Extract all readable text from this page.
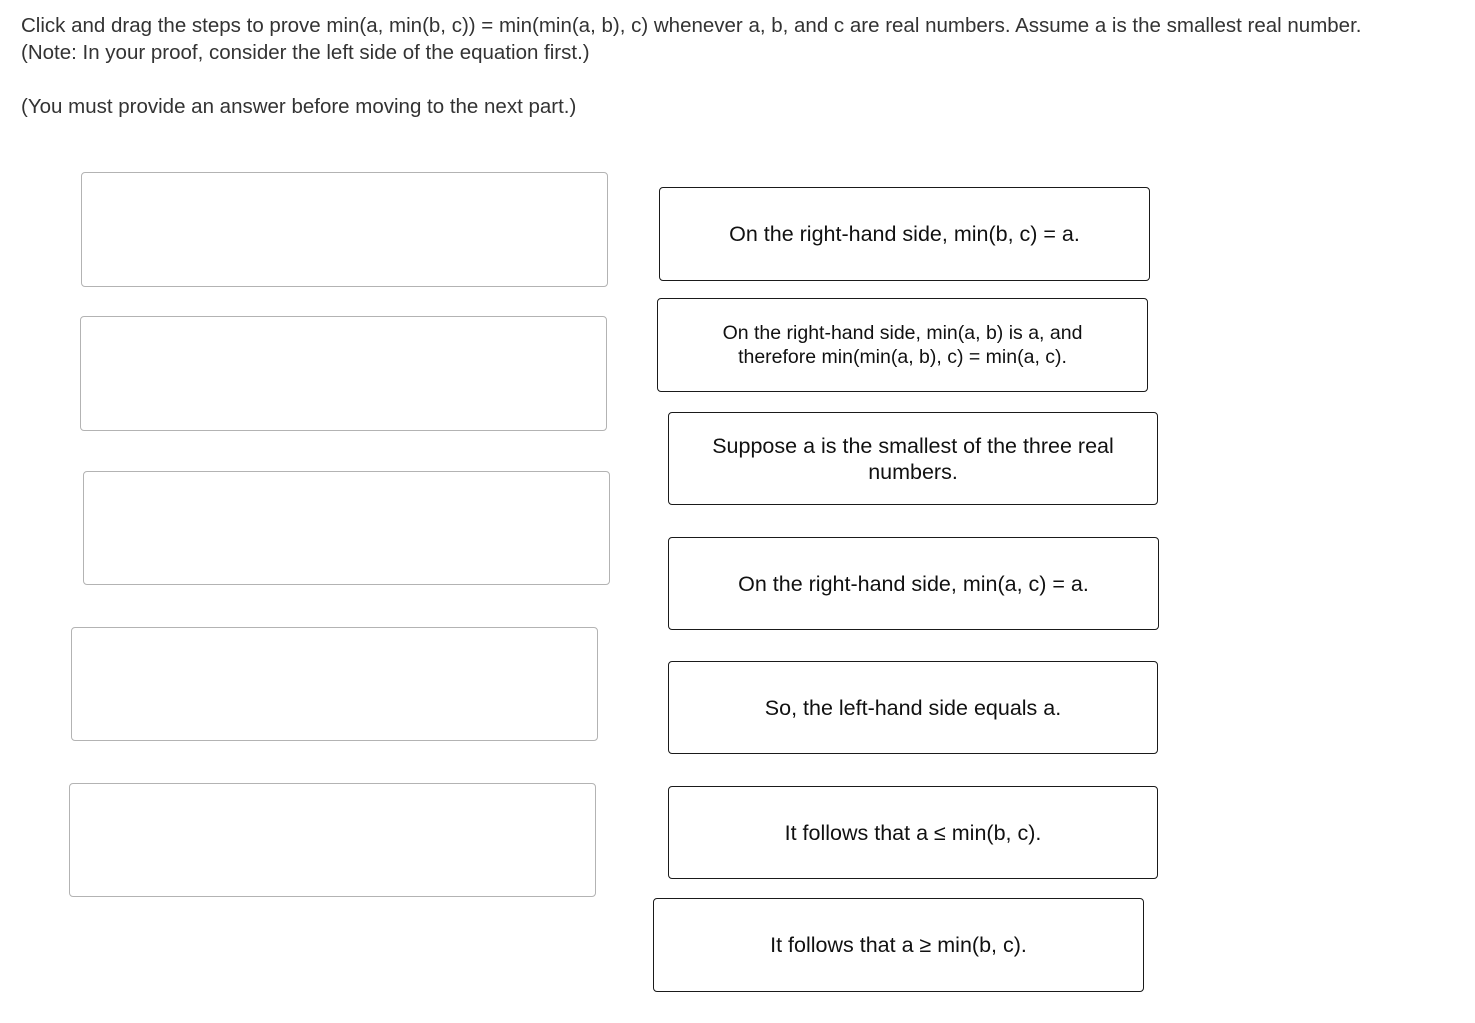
Click and drag the steps to prove min(a, min(b, c)) = min(min(a, b), c) whenever a, b, and c are real numbers. Assume a is the smallest real number.

(Note: In your proof, consider the left side of the equation first.)

(You must provide an answer before moving to the next part.)

On the right-hand side, min(b, c) = a.
On the right-hand side, min(a, b) is a, and therefore min(min(a, b), c) = min(a, c).
Suppose a is the smallest of the three real numbers.
On the right-hand side, min(a, c) = a.
So, the left-hand side equals a.
It follows that a ≤ min(b, c).
It follows that a ≥ min(b, c).
